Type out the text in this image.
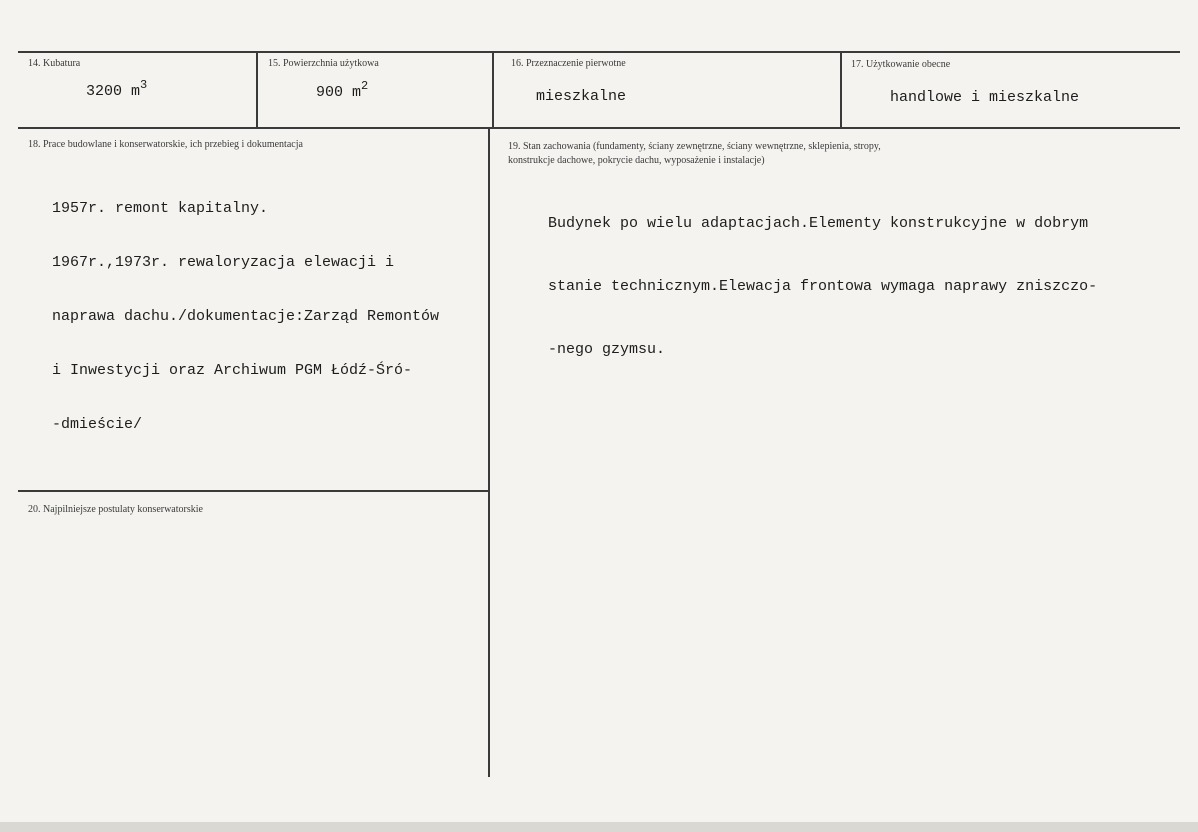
14. Kubatura
3200 $m^3$
15. Powierzchnia użytkowa
900 $m^2$
16. Przeznaczenie pierwotne
mieszkalne
17. Użytkowanie obecne
handlowe i mieszkalne
18. Prace budowlane i konserwatorskie, ich przebieg i dokumentacja

1957r. remont kapitalny.

1967r.,1973r. rewaloryzacja elewacji i

naprawa dachu./dokumentacje:Zarząd Remontów

i Inwestycji oraz Archiwum PGM Łódź-Śró-

-dmieście/

19. Stan zachowania (fundamenty, ściany zewnętrzne, ściany wewnętrzne, sklepienia, stropy,
konstrukcje dachowe, pokrycie dachu, wyposażenie i instalacje)

Budynek po wielu adaptacjach.Elementy konstrukcyjne w dobrym

stanie technicznym.Elewacja frontowa wymaga naprawy zniszczo-

-nego gzymsu.

20. Najpilniejsze postulaty konserwatorskie
